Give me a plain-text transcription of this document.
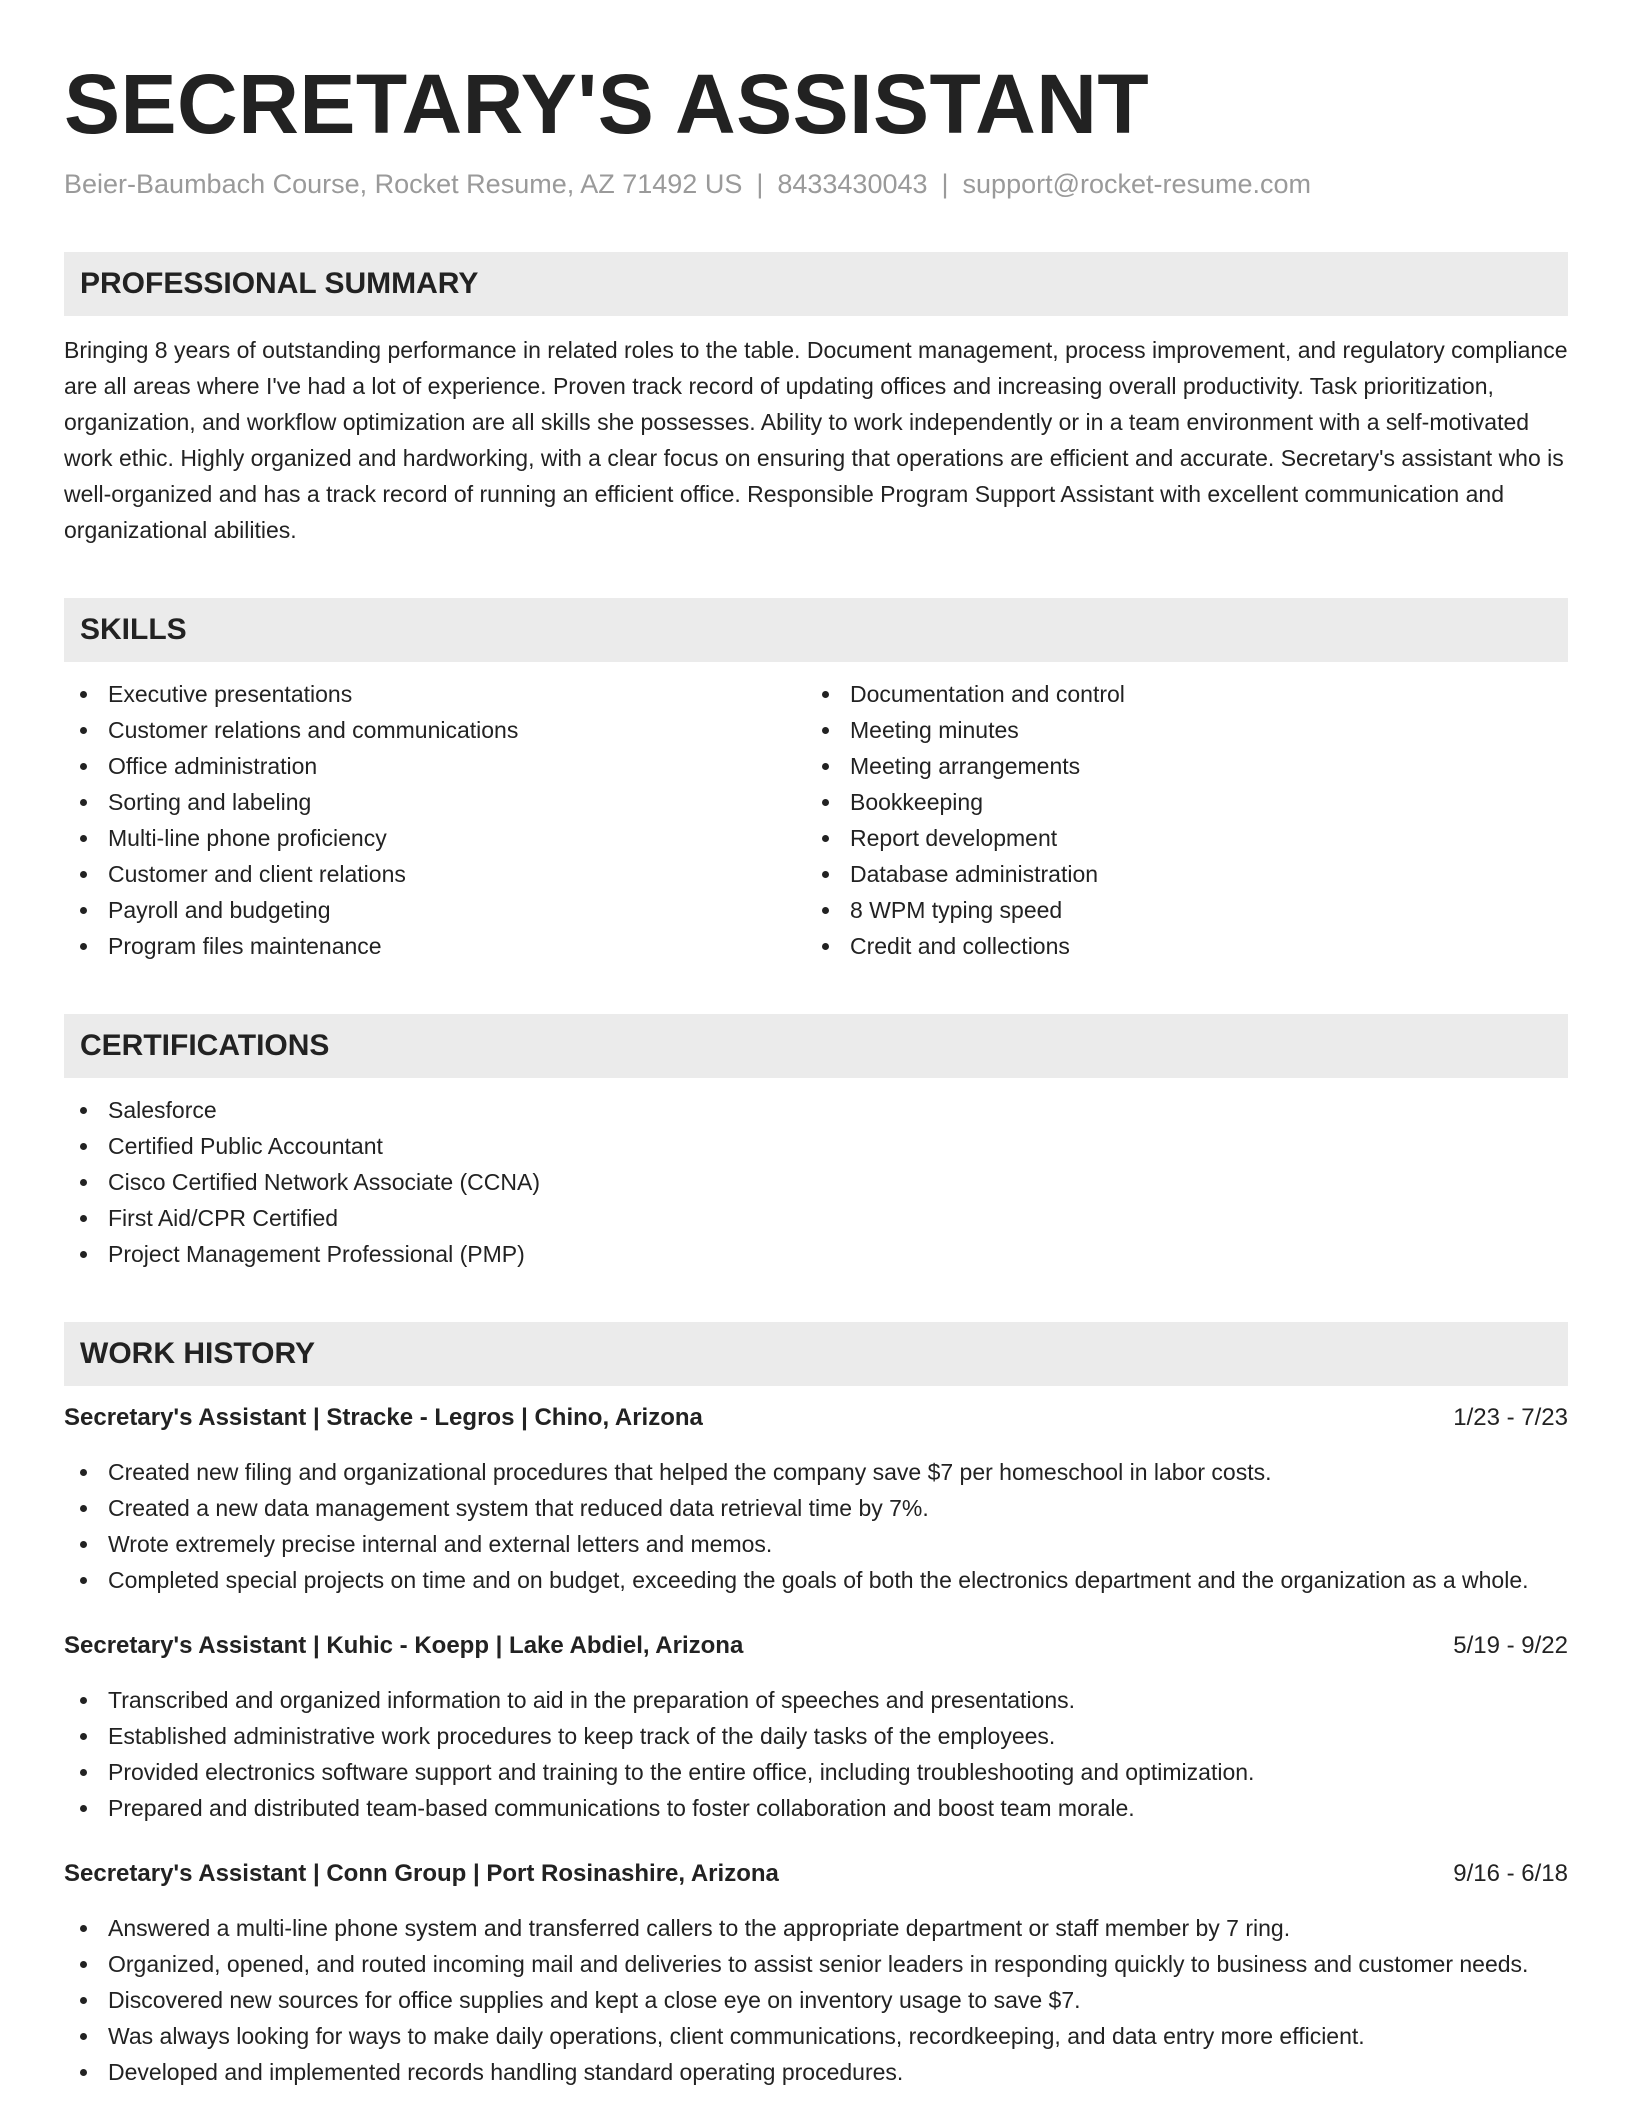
SECRETARY'S ASSISTANT
Beier-Baumbach Course, Rocket Resume, AZ 71492 US | 8433430043 | support@rocket-resume.com
PROFESSIONAL SUMMARY
Bringing 8 years of outstanding performance in related roles to the table. Document management, process improvement, and regulatory compliance are all areas where I've had a lot of experience. Proven track record of updating offices and increasing overall productivity. Task prioritization, organization, and workflow optimization are all skills she possesses. Ability to work independently or in a team environment with a self-motivated work ethic. Highly organized and hardworking, with a clear focus on ensuring that operations are efficient and accurate. Secretary's assistant who is well-organized and has a track record of running an efficient office. Responsible Program Support Assistant with excellent communication and organizational abilities.
SKILLS
Executive presentations
Customer relations and communications
Office administration
Sorting and labeling
Multi-line phone proficiency
Customer and client relations
Payroll and budgeting
Program files maintenance
Documentation and control
Meeting minutes
Meeting arrangements
Bookkeeping
Report development
Database administration
8 WPM typing speed
Credit and collections
CERTIFICATIONS
Salesforce
Certified Public Accountant
Cisco Certified Network Associate (CCNA)
First Aid/CPR Certified
Project Management Professional (PMP)
WORK HISTORY
Secretary's Assistant | Stracke - Legros | Chino, Arizona	1/23 - 7/23
Created new filing and organizational procedures that helped the company save $7 per homeschool in labor costs.
Created a new data management system that reduced data retrieval time by 7%.
Wrote extremely precise internal and external letters and memos.
Completed special projects on time and on budget, exceeding the goals of both the electronics department and the organization as a whole.
Secretary's Assistant | Kuhic - Koepp | Lake Abdiel, Arizona	5/19 - 9/22
Transcribed and organized information to aid in the preparation of speeches and presentations.
Established administrative work procedures to keep track of the daily tasks of the employees.
Provided electronics software support and training to the entire office, including troubleshooting and optimization.
Prepared and distributed team-based communications to foster collaboration and boost team morale.
Secretary's Assistant | Conn Group | Port Rosinashire, Arizona	9/16 - 6/18
Answered a multi-line phone system and transferred callers to the appropriate department or staff member by 7 ring.
Organized, opened, and routed incoming mail and deliveries to assist senior leaders in responding quickly to business and customer needs.
Discovered new sources for office supplies and kept a close eye on inventory usage to save $7.
Was always looking for ways to make daily operations, client communications, recordkeeping, and data entry more efficient.
Developed and implemented records handling standard operating procedures.
